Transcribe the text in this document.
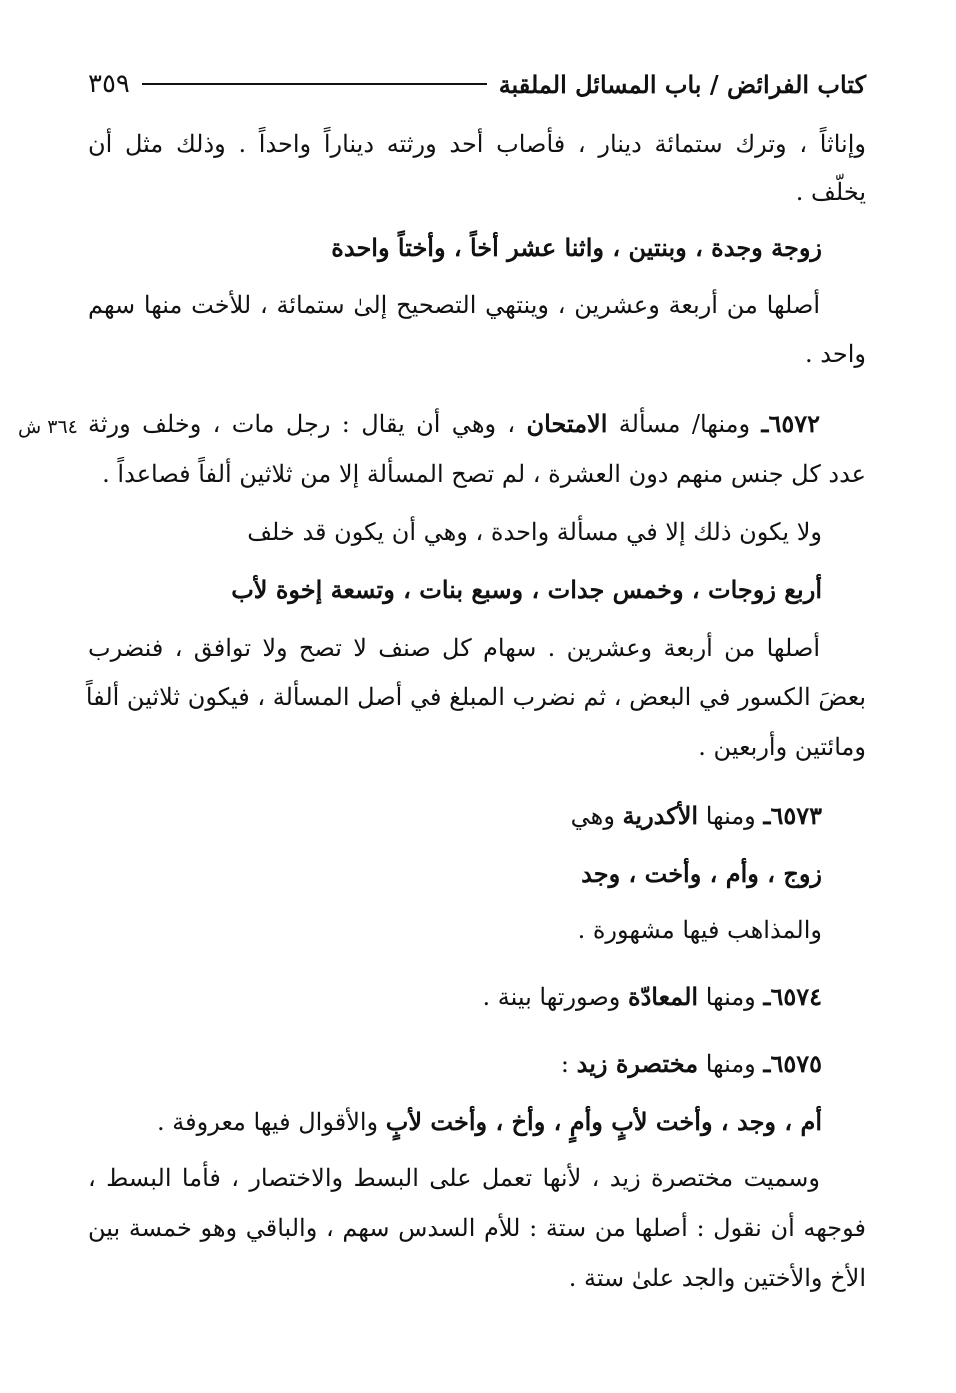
كتاب الفرائض / باب المسائل الملقبة
٣٥٩
٣٦٤ ش
وإناثاً ، وترك ستمائة دينار ، فأصاب أحد ورثته ديناراً واحداً . وذلك مثل أن
يخلّف .
زوجة وجدة ، وبنتين ، واثنا عشر أخاً ، وأختاً واحدة
أصلها من أربعة وعشرين ، وينتهي التصحيح إلىٰ ستمائة ، للأخت منها سهم
واحد .
٦٥٧٢ـ ومنها/ مسألة الامتحان ، وهي أن يقال : رجل مات ، وخلف ورثة
عدد كل جنس منهم دون العشرة ، لم تصح المسألة إلا من ثلاثين ألفاً فصاعداً .
ولا يكون ذلك إلا في مسألة واحدة ، وهي أن يكون قد خلف
أربع زوجات ، وخمس جدات ، وسبع بنات ، وتسعة إخوة لأب
أصلها من أربعة وعشرين . سهام كل صنف لا تصح ولا توافق ، فنضرب
بعضَ الكسور في البعض ، ثم نضرب المبلغ في أصل المسألة ، فيكون ثلاثين ألفاً
ومائتين وأربعين .
٦٥٧٣ـ ومنها الأكدرية وهي
زوج ، وأم ، وأخت ، وجد
والمذاهب فيها مشهورة .
٦٥٧٤ـ ومنها المعادّة وصورتها بينة .
٦٥٧٥ـ ومنها مختصرة زيد :
أم ، وجد ، وأخت لأبٍ وأمٍ ، وأخ ، وأخت لأبٍ والأقوال فيها معروفة .
وسميت مختصرة زيد ، لأنها تعمل على البسط والاختصار ، فأما البسط ،
فوجهه أن نقول : أصلها من ستة : للأم السدس سهم ، والباقي وهو خمسة بين
الأخ والأختين والجد علىٰ ستة .
